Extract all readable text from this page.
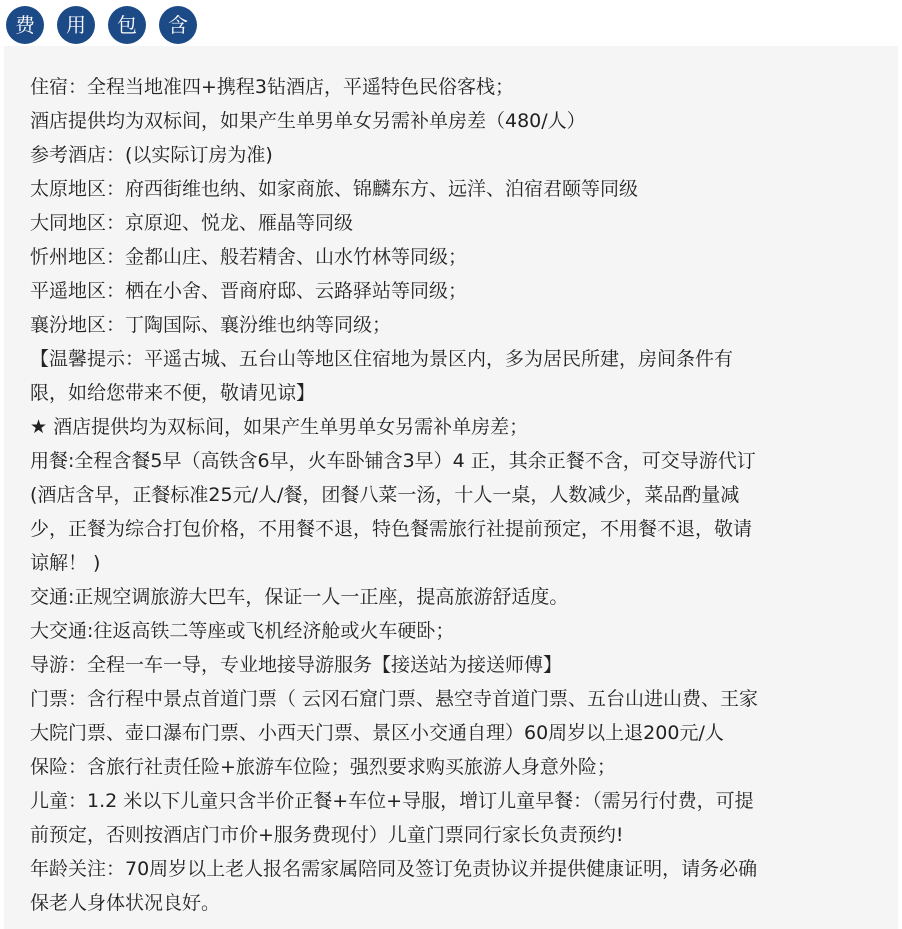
费	用	包	含

住宿：全程当地准四+携程3钻酒店，平遥特色民俗客栈；

酒店提供均为双标间，如果产生单男单女另需补单房差（480/人）

参考酒店：(以实际订房为准)

太原地区：府西街维也纳、如家商旅、锦麟东方、远洋、泊宿君颐等同级

大同地区：京原迎、悦龙、雁晶等同级

忻州地区：金都山庄、般若精舍、山水竹林等同级；

平遥地区：栖在小舍、晋商府邸、云路驿站等同级；

襄汾地区：丁陶国际、襄汾维也纳等同级；

【温馨提示：平遥古城、五台山等地区住宿地为景区内，多为居民所建，房间条件有

限，如给您带来不便，敬请见谅】

★ 酒店提供均为双标间，如果产生单男单女另需补单房差；

用餐:全程含餐5早（高铁含6早，火车卧铺含3早）4 正，其余正餐不含，可交导游代订

(酒店含早，正餐标准25元/人/餐，团餐八菜一汤，十人一桌，人数减少，菜品酌量减

少，正餐为综合打包价格，不用餐不退，特色餐需旅行社提前预定，不用餐不退，敬请

谅解！ )

交通:正规空调旅游大巴车，保证一人一正座，提高旅游舒适度。

大交通:往返高铁二等座或飞机经济舱或火车硬卧；

导游：全程一车一导，专业地接导游服务【接送站为接送师傅】

门票：含行程中景点首道门票（ 云冈石窟门票、悬空寺首道门票、五台山进山费、王家

大院门票、壶口瀑布门票、小西天门票、景区小交通自理）60周岁以上退200元/人

保险：含旅行社责任险+旅游车位险；强烈要求购买旅游人身意外险；

儿童：1.2 米以下儿童只含半价正餐+车位+导服，增订儿童早餐：（需另行付费，可提

前预定，否则按酒店门市价+服务费现付）儿童门票同行家长负责预约!

年龄关注：70周岁以上老人报名需家属陪同及签订免责协议并提供健康证明，请务必确

保老人身体状况良好。
